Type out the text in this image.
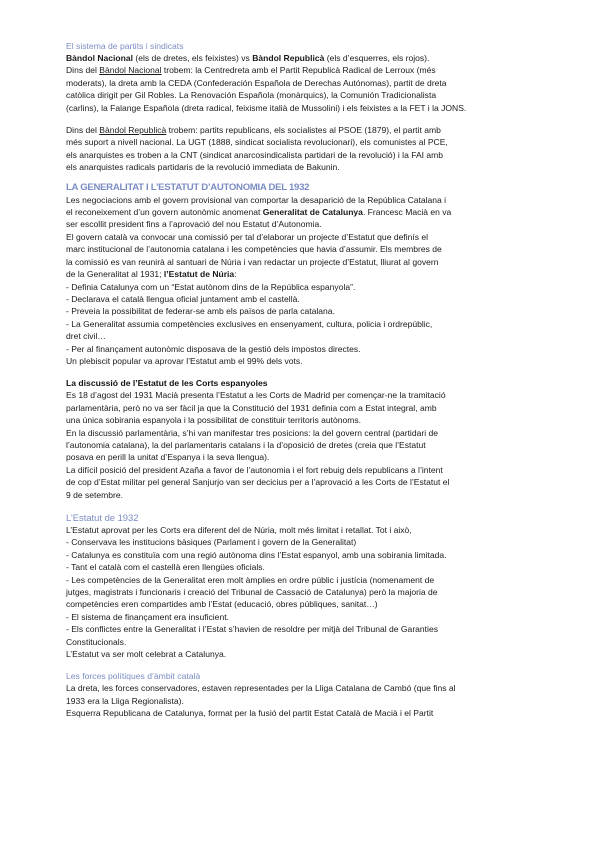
El sistema de partits i sindicats

Bàndol Nacional (els de dretes, els feixistes) vs Bàndol Republicà (els d’esquerres, els rojos).
Dins del Bàndol Nacional trobem: la Centredreta amb el Partit Republicà Radical de Lerroux (més
moderats), la dreta amb la CEDA (Confederación Española de Derechas Autónomas), partit de dreta
catòlica dirigit per Gil Robles. La Renovación Española (monàrquics), la Comunión Tradicionalista
(carlins), la Falange Española (dreta radical, feixisme italià de Mussolini) i els feixistes a la FET i la JONS.
Dins del Bàndol Republicà trobem: partits republicans, els socialistes al PSOE (1879), el partit amb
més suport a nivell nacional. La UGT (1888, sindicat socialista revolucionari), els comunistes al PCE,
els anarquistes es troben a la CNT (sindicat anarcosindicalista partidari de la revolució) i la FAI amb
els anarquistes radicals partidaris de la revolució immediata de Bakunin.

LA GENERALITAT I L’ESTATUT D’AUTONOMIA DEL 1932

Les negociacions amb el govern provisional van comportar la desaparició de la República Catalana i
el reconeixement d’un govern autonòmic anomenat Generalitat de Catalunya. Francesc Macià en va
ser escollit president fins a l’aprovació del nou Estatut d’Autonomia.
El govern català va convocar una comissió per tal d’elaborar un projecte d’Estatut que definís el
marc institucional de l’autonomia catalana i les competències que havia d’assumir. Els membres de
la comissió es van reunirà al santuari de Núria i van redactar un projecte d’Estatut, lliurat al govern
de la Generalitat al 1931; l’Estatut de Núria:
- Definia Catalunya com un “Estat autònom dins de la República espanyola”.
- Declarava el català llengua oficial juntament amb el castellà.
- Preveia la possibilitat de federar-se amb els països de parla catalana.
- La Generalitat assumia competències exclusives en ensenyament, cultura, policia i ordrepúblic,
dret civil…
- Per al finançament autonòmic disposava de la gestió dels impostos directes.
Un plebiscit popular va aprovar l’Estatut amb el 99% dels vots.

La discussió de l’Estatut de les Corts espanyoles

Es 18 d’agost del 1931 Macià presenta l’Estatut a les Corts de Madrid per començar-ne la tramitació
parlamentària, però no va ser fàcil ja que la Constitució del 1931 definia com a Estat integral, amb
una única sobirania espanyola i la possibilitat de constituir territoris autònoms.
En la discussió parlamentària, s’hi van manifestar tres posicions: la del govern central (partidari de
l’autonomia catalana), la del parlamentaris catalans i la d’oposició de dretes (creia que l’Estatut
posava en perill la unitat d’Espanya i la seva llengua).
La difícil posició del president Azaña a favor de l’autonomia i el fort rebuig dels republicans a l’intent
de cop d’Estat militar pel general Sanjurjo van ser decicius per a l’aprovació a les Corts de l’Estatut el
9 de setembre.

L’Estatut de 1932

L’Estatut aprovat per les Corts era diferent del de Núria, molt més limitat i retallat. Tot i això,
- Conservava les institucions bàsiques (Parlament i govern de la Generalitat)
- Catalunya es constituïa com una regió autònoma dins l’Estat espanyol, amb una sobirania limitada.
- Tant el català com el castellà eren llengües oficials.
- Les competències de la Generalitat eren molt àmplies en ordre públic i justícia (nomenament de
jutges, magistrats i funcionaris i creació del Tribunal de Cassació de Catalunya) però la majoria de
competències eren compartides amb l’Estat (educació, obres públiques, sanitat…)
- El sistema de finançament era insuficient.
- Els conflictes entre la Generalitat i l’Estat s’havien de resoldre per mitjà del Tribunal de Garanties
Constitucionals.
L’Estatut va ser molt celebrat a Catalunya.

Les forces polítiques d’àmbit català

La dreta, les forces conservadores, estaven representades per la Lliga Catalana de Cambó (que fins al
1933 era la Lliga Regionalista).
Esquerra Republicana de Catalunya, format per la fusió del partit Estat Català de Macià i el Partit
